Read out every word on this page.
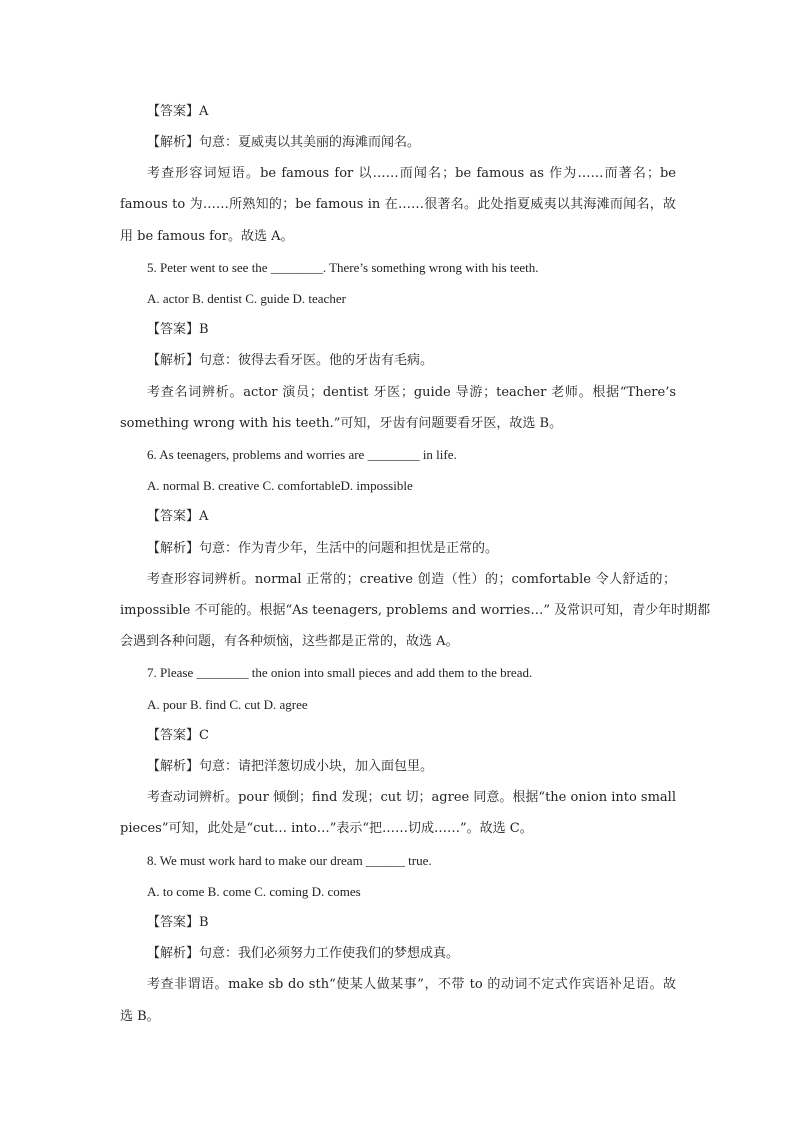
【答案】A
【解析】句意：夏威夷以其美丽的海滩而闻名。
考查形容词短语。be famous for 以……而闻名；be famous as 作为……而著名；be
famous to 为……所熟知的；be famous in 在……很著名。此处指夏威夷以其海滩而闻名，故
用 be famous for。故选 A。
5. Peter went to see the ________. There’s something wrong with his teeth.
A. actor B. dentist C. guide D. teacher
【答案】B
【解析】句意：彼得去看牙医。他的牙齿有毛病。
考查名词辨析。actor 演员；dentist 牙医；guide 导游；teacher 老师。根据“There’s
something wrong with his teeth.”可知，牙齿有问题要看牙医，故选 B。
6. As teenagers, problems and worries are ________ in life.
A. normal B. creative C. comfortableD. impossible
【答案】A
【解析】句意：作为青少年，生活中的问题和担忧是正常的。
考查形容词辨析。normal 正常的；creative 创造（性）的；comfortable 令人舒适的；
impossible 不可能的。根据“As teenagers, problems and worries…” 及常识可知，青少年时期都
会遇到各种问题，有各种烦恼，这些都是正常的，故选 A。
7. Please ________ the onion into small pieces and add them to the bread.
A. pour B. find C. cut D. agree
【答案】C
【解析】句意：请把洋葱切成小块，加入面包里。
考查动词辨析。pour 倾倒；find 发现；cut 切；agree 同意。根据“the onion into small
pieces”可知，此处是“cut… into…”表示“把……切成……”。故选 C。
8. We must work hard to make our dream ______ true.
A. to come B. come C. coming D. comes
【答案】B
【解析】句意：我们必须努力工作使我们的梦想成真。
考查非谓语。make sb do sth“使某人做某事”，不带 to 的动词不定式作宾语补足语。故
选 B。
